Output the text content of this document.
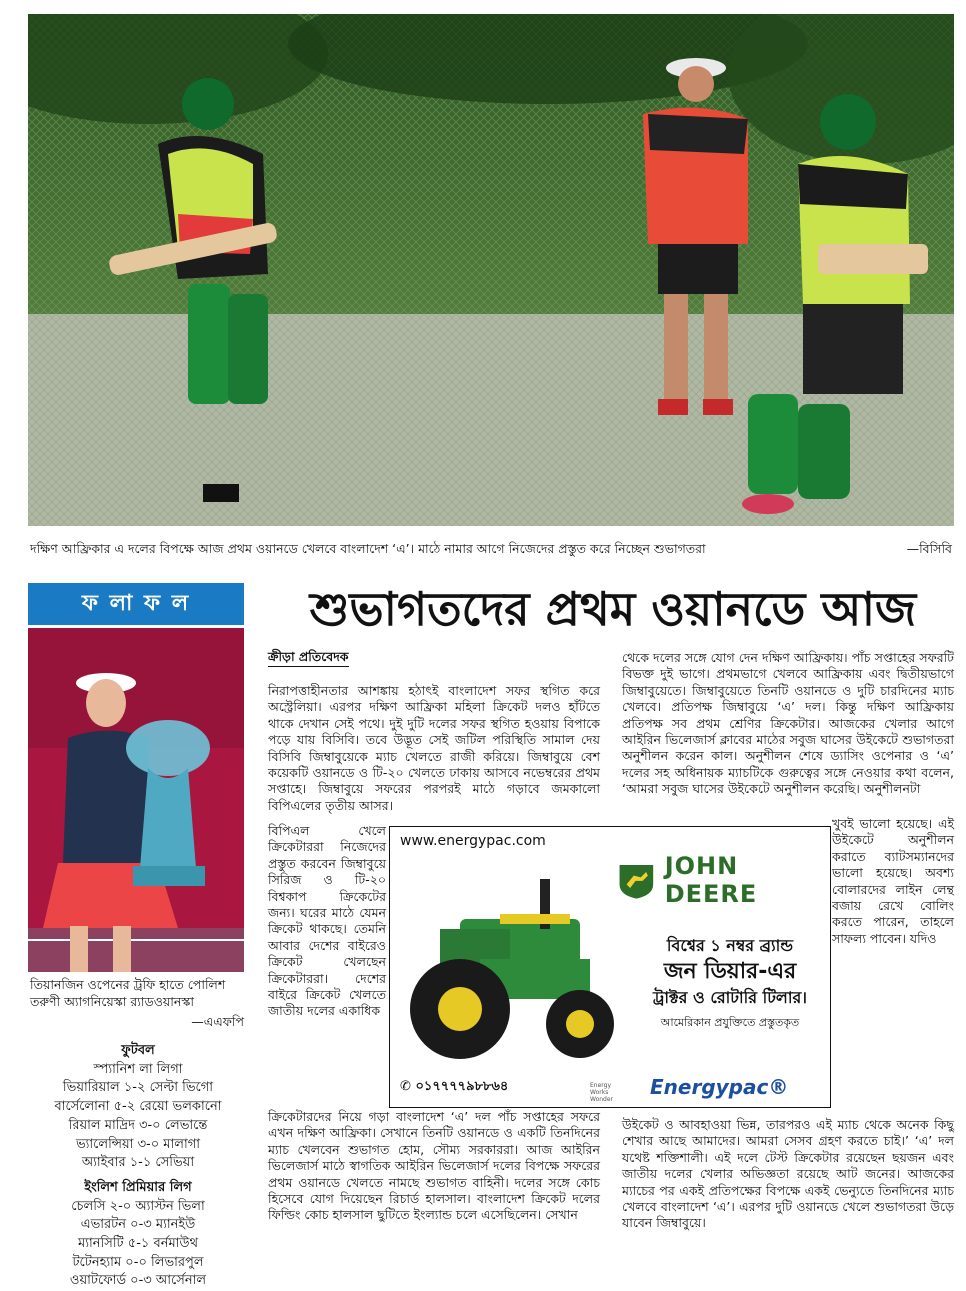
দক্ষিণ আফ্রিকার এ দলের বিপক্ষে আজ প্রথম ওয়ানডে খেলবে বাংলাদেশ ‘এ’। মাঠে নামার আগে নিজেদের প্রস্তুত করে নিচ্ছেন শুভাগতরা	—বিসিবি
ফ লা ফ ল
তিয়ানজিন ওপেনের ট্রফি হাতে পোলিশ তরুণী অ্যাগনিয়েস্কা র‍্যাডওয়ানস্কা
—এএফপি
ফুটবল
স্প্যানিশ লা লিগা
ভিয়ারিয়াল ১-২ সেল্টা ভিগো
বার্সেলোনা ৫-২ রেয়ো ভলকানো
রিয়াল মাদ্রিদ ৩-০ লেভান্তে
ভ্যালেন্সিয়া ৩-০ মালাগা
অ্যাইবার ১-১ সেভিয়া
ইংলিশ প্রিমিয়ার লিগ
চেলসি ২-০ অ্যাস্টন ভিলা
এভারটন ০-৩ ম্যানইউ
ম্যানসিটি ৫-১ বর্নমাউথ
টটেনহ্যাম ০-০ লিভারপুল
ওয়াটফোর্ড ০-৩ আর্সেনাল
শুভাগতদের প্রথম ওয়ানডে আজ
ক্রীড়া প্রতিবেদক
নিরাপত্তাহীনতার আশঙ্কায় হঠাৎই বাংলাদেশ সফর স্থগিত করে অস্ট্রেলিয়া। এরপর দক্ষিণ আফ্রিকা মহিলা ক্রিকেট দলও হাঁটতে থাকে দেখান সেই পথে। দুই দুটি দলের সফর স্থগিত হওয়ায় বিপাকে পড়ে যায় বিসিবি। তবে উদ্ভূত সেই জটিল পরিস্থিতি সামাল দেয় বিসিবি জিম্বাবুয়েকে ম্যাচ খেলতে রাজী করিয়ে। জিম্বাবুয়ে বেশ কয়েকটি ওয়ানডে ও টি-২০ খেলতে ঢাকায় আসবে নভেম্বরের প্রথম সপ্তাহে। জিম্বাবুয়ে সফরের পরপরই মাঠে গড়াবে জমকালো বিপিএলের তৃতীয় আসর।
বিপিএল খেলে ক্রিকেটাররা নিজেদের প্রস্তুত করবেন জিম্বাবুয়ে সিরিজ ও টি-২০ বিশ্বকাপ ক্রিকেটের জন্য। ঘরের মাঠে যেমন ক্রিকেট থাকছে। তেমনি আবার দেশের বাইরেও ক্রিকেট খেলছেন ক্রিকেটাররা। দেশের বাইরে ক্রিকেট খেলতে জাতীয় দলের একাধিক
ক্রিকেটারদের নিয়ে গড়া বাংলাদেশ ‘এ’ দল পাঁচ সপ্তাহের সফরে এখন দক্ষিণ আফ্রিকা। সেখানে তিনটি ওয়ানডে ও একটি তিনদিনের ম্যাচ খেলবেন শুভাগত হোম, সৌম্য সরকাররা। আজ আইরিন ভিলেজার্স মাঠে স্বাগতিক আইরিন ভিলেজার্স দলের বিপক্ষে সফরের প্রথম ওয়ানডে খেলতে নামছে শুভাগত বাহিনী। দলের সঙ্গে কোচ হিসেবে যোগ দিয়েছেন রিচার্ড হালসাল। বাংলাদেশ ক্রিকেট দলের ফিল্ডিং কোচ হালসাল ছুটিতে ইংল্যান্ড চলে এসেছিলেন। সেখান
থেকে দলের সঙ্গে যোগ দেন দক্ষিণ আফ্রিকায়। পাঁচ সপ্তাহের সফরটি বিভক্ত দুই ভাগে। প্রথমভাগে খেলবে আফ্রিকায় এবং দ্বিতীয়ভাগে জিম্বাবুয়েতে। জিম্বাবুয়েতে তিনটি ওয়ানডে ও দুটি চারদিনের ম্যাচ খেলবে। প্রতিপক্ষ জিম্বাবুয়ে ‘এ’ দল। কিন্তু দক্ষিণ আফ্রিকায় প্রতিপক্ষ সব প্রথম শ্রেণির ক্রিকেটার। আজকের খেলার আগে আইরিন ভিলেজার্স ক্লাবের মাঠের সবুজ ঘাসের উইকেটে শুভাগতরা অনুশীলন করেন কাল। অনুশীলন শেষে ড্যাসিং ওপেনার ও ‘এ’ দলের সহ অধিনায়ক ম্যাচটিকে গুরুত্বের সঙ্গে নেওয়ার কথা বলেন, ‘আমরা সবুজ ঘাসের উইকেটে অনুশীলন করেছি। অনুশীলনটা
খুবই ভালো হয়েছে। এই উইকেটে অনুশীলন করাতে ব্যাটসম্যানদের ভালো হয়েছে। অবশ্য বোলারদের লাইন লেন্থ বজায় রেখে বোলিং করতে পারেন, তাহলে সাফল্য পাবেন। যদিও
উইকেট ও আবহাওয়া ভিন্ন, তারপরও এই ম্যাচ থেকে অনেক কিছু শেখার আছে আমাদের। আমরা সেসব গ্রহণ করতে চাই।’ ‘এ’ দল যথেষ্ট শক্তিশালী। এই দলে টেস্ট ক্রিকেটার রয়েছেন ছয়জন এবং জাতীয় দলের খেলার অভিজ্ঞতা রয়েছে আট জনের। আজকের ম্যাচের পর একই প্রতিপক্ষের বিপক্ষে একই ভেন্যুতে তিনদিনের ম্যাচ খেলবে বাংলাদেশ ‘এ’। এরপর দুটি ওয়ানডে খেলে শুভাগতরা উড়ে যাবেন জিম্বাবুয়ে।
www.energypac.com
JOHN DEERE
বিশ্বের ১ নম্বর ব্র্যান্ড
জন ডিয়ার-এর
ট্রাক্টর ও রোটারি টিলার।
আমেরিকান প্রযুক্তিতে প্রস্তুতকৃত
✆ ০১৭৭৭৭৯৮৮৬৪	Energy Works Wonder
Energypac®
